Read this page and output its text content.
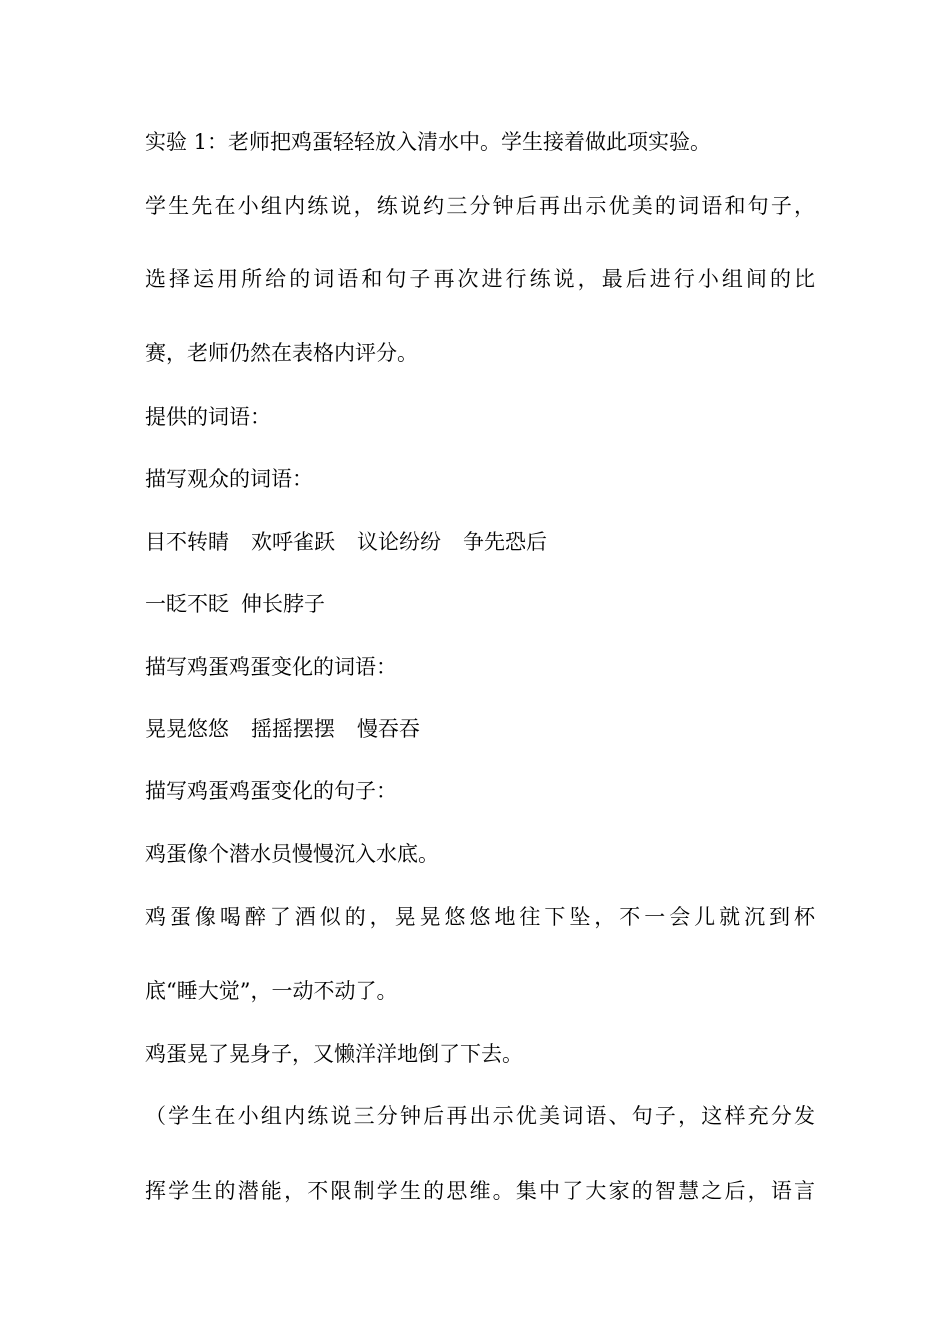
实验 1：老师把鸡蛋轻轻放入清水中。学生接着做此项实验。
学生先在小组内练说，练说约三分钟后再出示优美的词语和句子，
选择运用所给的词语和句子再次进行练说，最后进行小组间的比
赛，老师仍然在表格内评分。
提供的词语：
描写观众的词语：
目不转睛 欢呼雀跃 议论纷纷 争先恐后
一眨不眨 伸长脖子
描写鸡蛋鸡蛋变化的词语：
晃晃悠悠 摇摇摆摆 慢吞吞
描写鸡蛋鸡蛋变化的句子：
鸡蛋像个潜水员慢慢沉入水底。
鸡蛋像喝醉了酒似的，晃晃悠悠地往下坠，不一会儿就沉到杯
底“睡大觉”，一动不动了。
鸡蛋晃了晃身子，又懒洋洋地倒了下去。
（学生在小组内练说三分钟后再出示优美词语、句子，这样充分发
挥学生的潜能，不限制学生的思维。集中了大家的智慧之后，语言
